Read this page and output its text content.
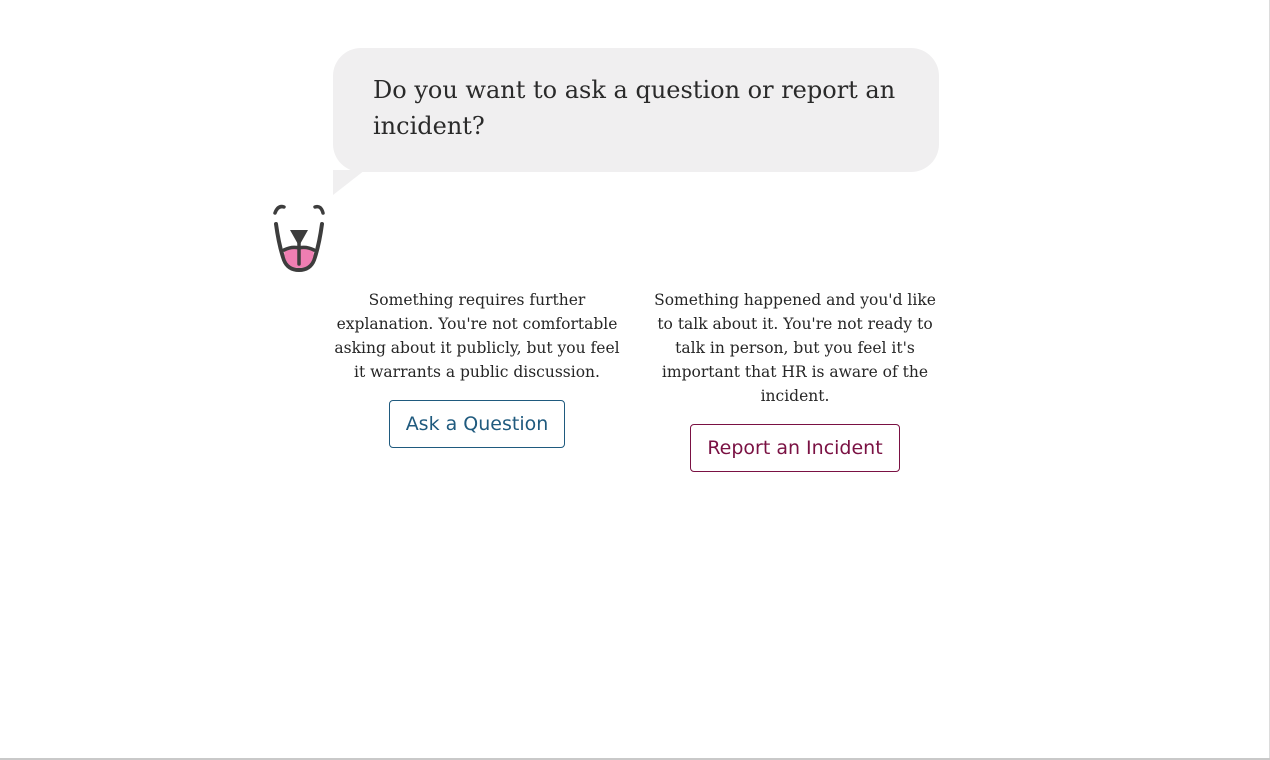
Do you want to ask a question or report an incident?

Something requires further explanation. You're not comfortable asking about it publicly, but you feel it warrants a public discussion.

Ask a Question

Something happened and you'd like to talk about it. You're not ready to talk in person, but you feel it's important that HR is aware of the incident.

Report an Incident
